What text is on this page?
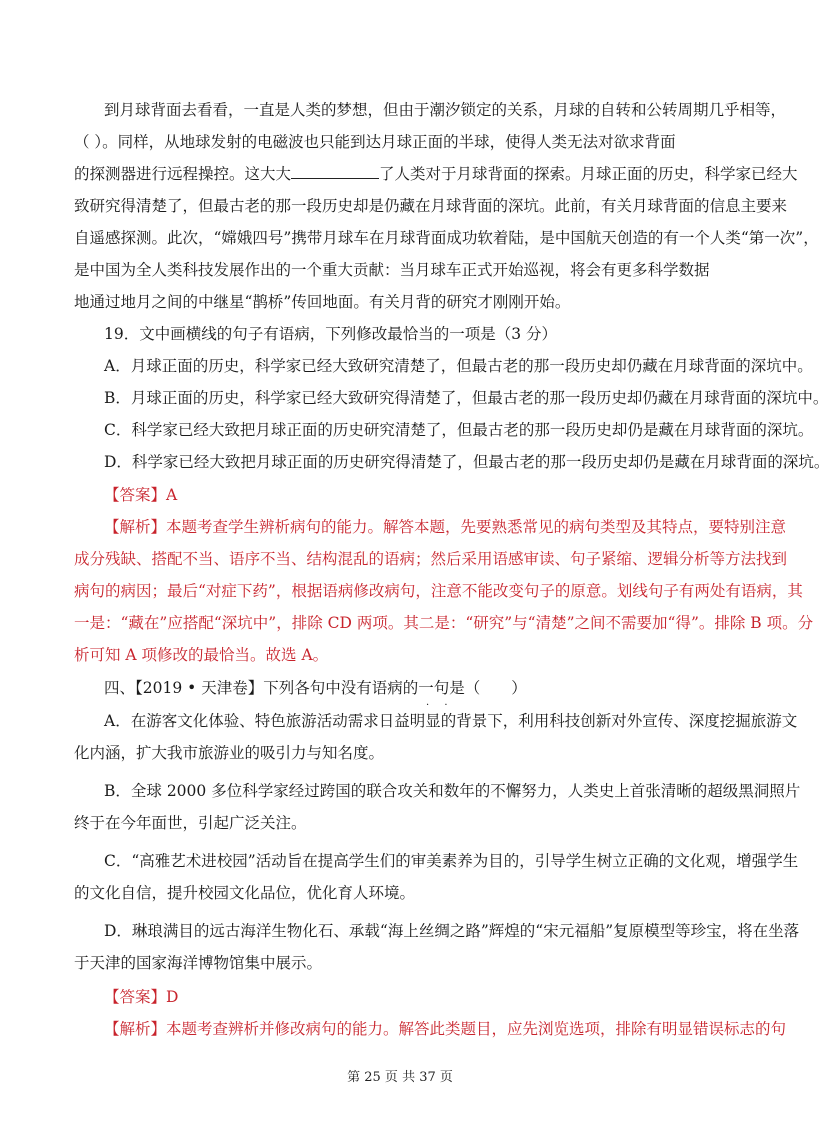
到月球背面去看看，一直是人类的梦想，但由于潮汐锁定的关系，月球的自转和公转周期几乎相等，
（ ）。同样，从地球发射的电磁波也只能到达月球正面的半球，使得人类无法对欲求背面
的探测器进行远程操控。这大大	了人类对于月球背面的探索。月球正面的历史，科学家已经大
致研究得清楚了，但最古老的那一段历史却是仍藏在月球背面的深坑。此前，有关月球背面的信息主要来
自遥感探测。此次，“嫦娥四号”携带月球车在月球背面成功软着陆，是中国航天创造的有一个人类“第一次”，
是中国为全人类科技发展作出的一个重大贡献：当月球车正式开始巡视，将会有更多科学数据
地通过地月之间的中继星“鹊桥”传回地面。有关月背的研究才刚刚开始。
19．文中画横线的句子有语病，下列修改最恰当的一项是（3 分）
A．月球正面的历史，科学家已经大致研究清楚了，但最古老的那一段历史却仍藏在月球背面的深坑中。
B．月球正面的历史，科学家已经大致研究得清楚了，但最古老的那一段历史却仍藏在月球背面的深坑中。
C．科学家已经大致把月球正面的历史研究清楚了，但最古老的那一段历史却仍是藏在月球背面的深坑。
D．科学家已经大致把月球正面的历史研究得清楚了，但最古老的那一段历史却仍是藏在月球背面的深坑。
【答案】A
【解析】本题考查学生辨析病句的能力。解答本题，先要熟悉常见的病句类型及其特点，要特别注意
成分残缺、搭配不当、语序不当、结构混乱的语病；然后采用语感审读、句子紧缩、逻辑分析等方法找到
病句的病因；最后“对症下药”，根据语病修改病句，注意不能改变句子的原意。划线句子有两处有语病，其
一是：“藏在”应搭配“深坑中”，排除 CD 两项。其二是：“研究”与“清楚”之间不需要加“得”。排除 B 项。分
析可知 A 项修改的最恰当。故选 A。
四、【2019 • 天津卷】下列各句中没有语病的一句是（　　）
· ·
A．在游客文化体验、特色旅游活动需求日益明显的背景下，利用科技创新对外宣传、深度挖掘旅游文
化内涵，扩大我市旅游业的吸引力与知名度。
B．全球 2000 多位科学家经过跨国的联合攻关和数年的不懈努力，人类史上首张清晰的超级黑洞照片
终于在今年面世，引起广泛关注。
C．“高雅艺术进校园”活动旨在提高学生们的审美素养为目的，引导学生树立正确的文化观，增强学生
的文化自信，提升校园文化品位，优化育人环境。
D．琳琅满目的远古海洋生物化石、承载“海上丝绸之路”辉煌的“宋元福船”复原模型等珍宝，将在坐落
于天津的国家海洋博物馆集中展示。
【答案】D
【解析】本题考查辨析并修改病句的能力。解答此类题目，应先浏览选项，排除有明显错误标志的句
第 25 页 共 37 页
